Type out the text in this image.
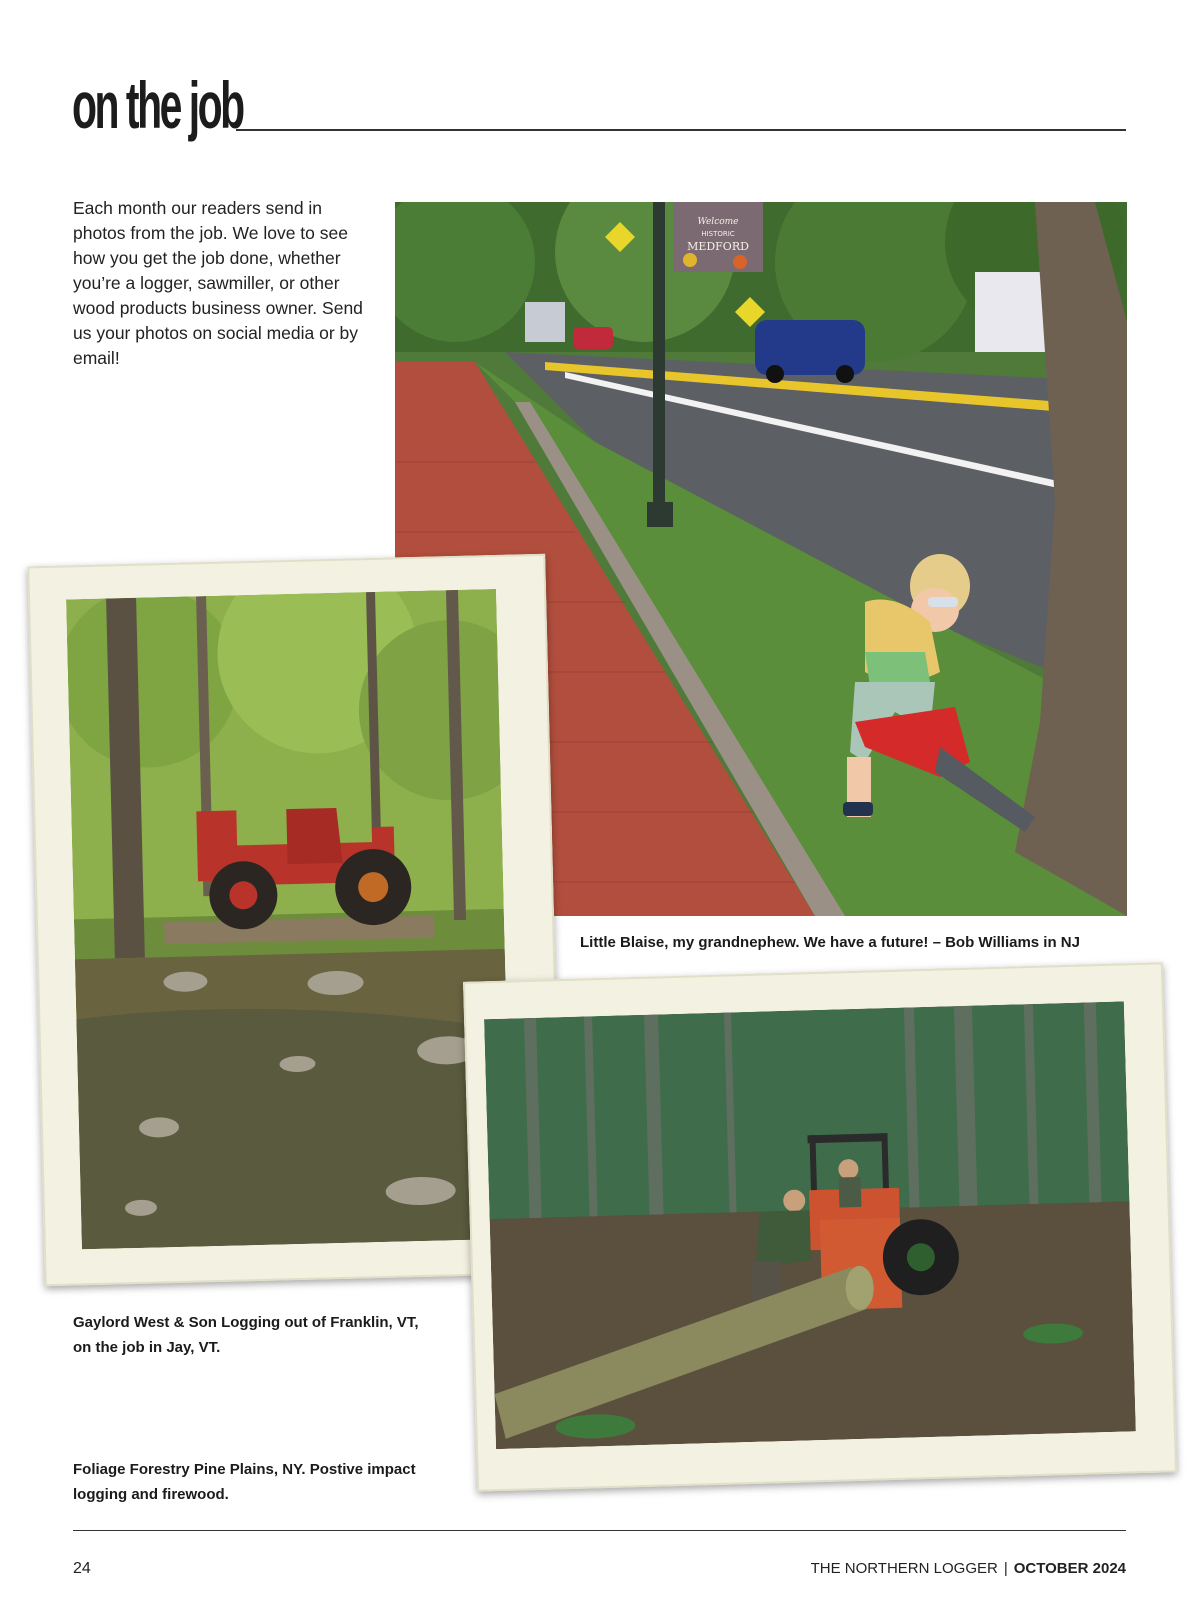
on the job

Each month our readers send in photos from the job. We love to see how you get the job done, whether you’re a logger, sawmiller, or other wood products business owner. Send us your photos on social media or by email!

Welcome
HISTORIC
MEDFORD

Little Blaise, my grandnephew. We have a future! – Bob Williams in NJ

Gaylord West & Son Logging out of Franklin, VT, on the job in Jay, VT.

Foliage Forestry Pine Plains, NY. Postive impact logging and firewood.

24	THE NORTHERN LOGGER | OCTOBER 2024
